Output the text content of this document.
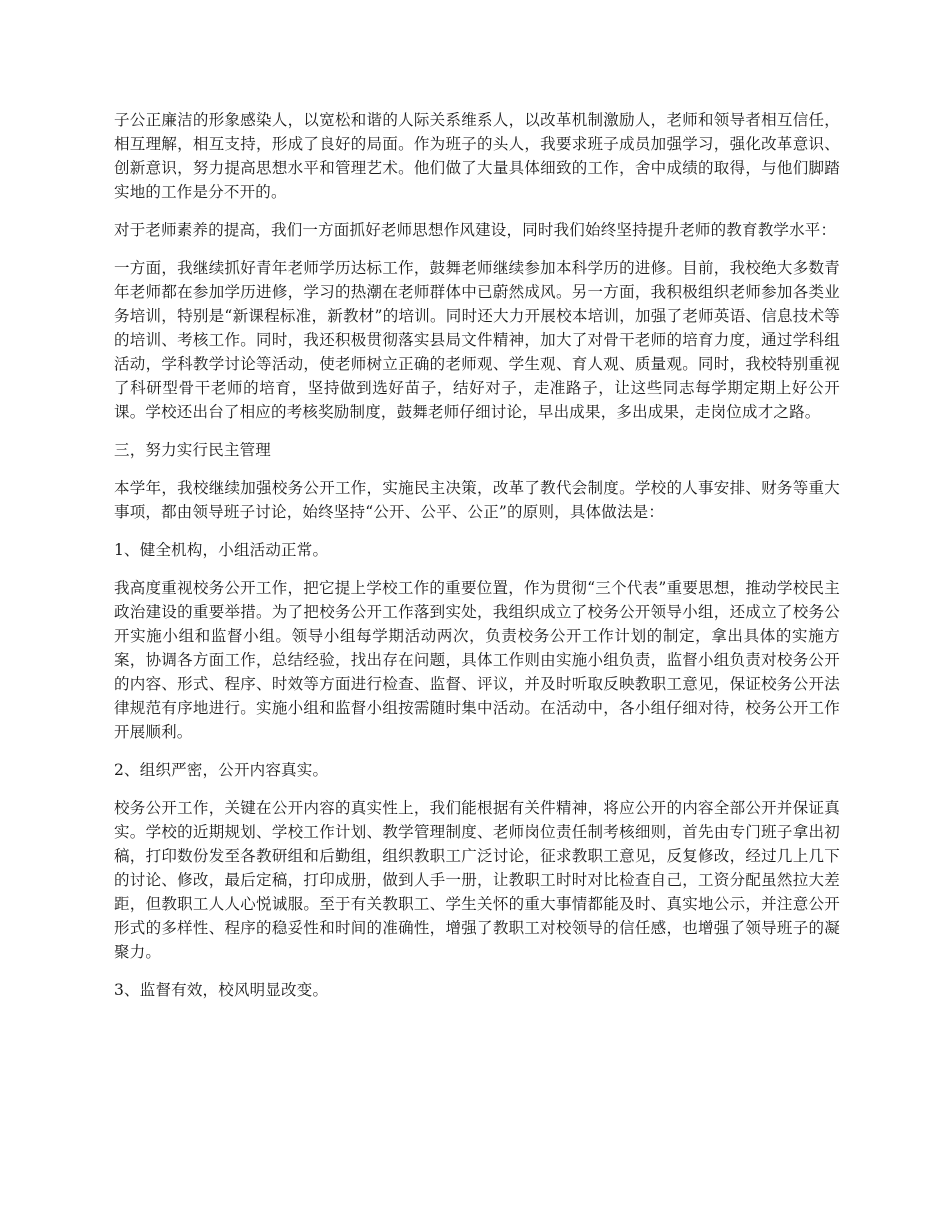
子公正廉洁的形象感染人，以宽松和谐的人际关系维系人，以改革机制激励人，老师和领导者相互信任，相互理解，相互支持，形成了良好的局面。作为班子的头人，我要求班子成员加强学习，强化改革意识、创新意识，努力提高思想水平和管理艺术。他们做了大量具体细致的工作，舍中成绩的取得，与他们脚踏实地的工作是分不开的。

对于老师素养的提高，我们一方面抓好老师思想作风建设，同时我们始终坚持提升老师的教育教学水平：

一方面，我继续抓好青年老师学历达标工作，鼓舞老师继续参加本科学历的进修。目前，我校绝大多数青年老师都在参加学历进修，学习的热潮在老师群体中已蔚然成风。另一方面，我积极组织老师参加各类业务培训，特别是“新课程标准，新教材”的培训。同时还大力开展校本培训，加强了老师英语、信息技术等的培训、考核工作。同时，我还积极贯彻落实县局文件精神，加大了对骨干老师的培育力度，通过学科组活动，学科教学讨论等活动，使老师树立正确的老师观、学生观、育人观、质量观。同时，我校特别重视了科研型骨干老师的培育，坚持做到选好苗子，结好对子，走准路子，让这些同志每学期定期上好公开课。学校还出台了相应的考核奖励制度，鼓舞老师仔细讨论，早出成果，多出成果，走岗位成才之路。

三，努力实行民主管理

本学年，我校继续加强校务公开工作，实施民主决策，改革了教代会制度。学校的人事安排、财务等重大事项，都由领导班子讨论，始终坚持“公开、公平、公正”的原则，具体做法是：

1、健全机构，小组活动正常。

我高度重视校务公开工作，把它提上学校工作的重要位置，作为贯彻“三个代表”重要思想，推动学校民主政治建设的重要举措。为了把校务公开工作落到实处，我组织成立了校务公开领导小组，还成立了校务公开实施小组和监督小组。领导小组每学期活动两次，负责校务公开工作计划的制定，拿出具体的实施方案，协调各方面工作，总结经验，找出存在问题，具体工作则由实施小组负责，监督小组负责对校务公开的内容、形式、程序、时效等方面进行检查、监督、评议，并及时听取反映教职工意见，保证校务公开法律规范有序地进行。实施小组和监督小组按需随时集中活动。在活动中，各小组仔细对待，校务公开工作开展顺利。

2、组织严密，公开内容真实。

校务公开工作，关键在公开内容的真实性上，我们能根据有关件精神，将应公开的内容全部公开并保证真实。学校的近期规划、学校工作计划、教学管理制度、老师岗位责任制考核细则，首先由专门班子拿出初稿，打印数份发至各教研组和后勤组，组织教职工广泛讨论，征求教职工意见，反复修改，经过几上几下的讨论、修改，最后定稿，打印成册，做到人手一册，让教职工时时对比检查自己，工资分配虽然拉大差距，但教职工人人心悦诚服。至于有关教职工、学生关怀的重大事情都能及时、真实地公示，并注意公开形式的多样性、程序的稳妥性和时间的准确性，增强了教职工对校领导的信任感，也增强了领导班子的凝聚力。

3、监督有效，校风明显改变。
